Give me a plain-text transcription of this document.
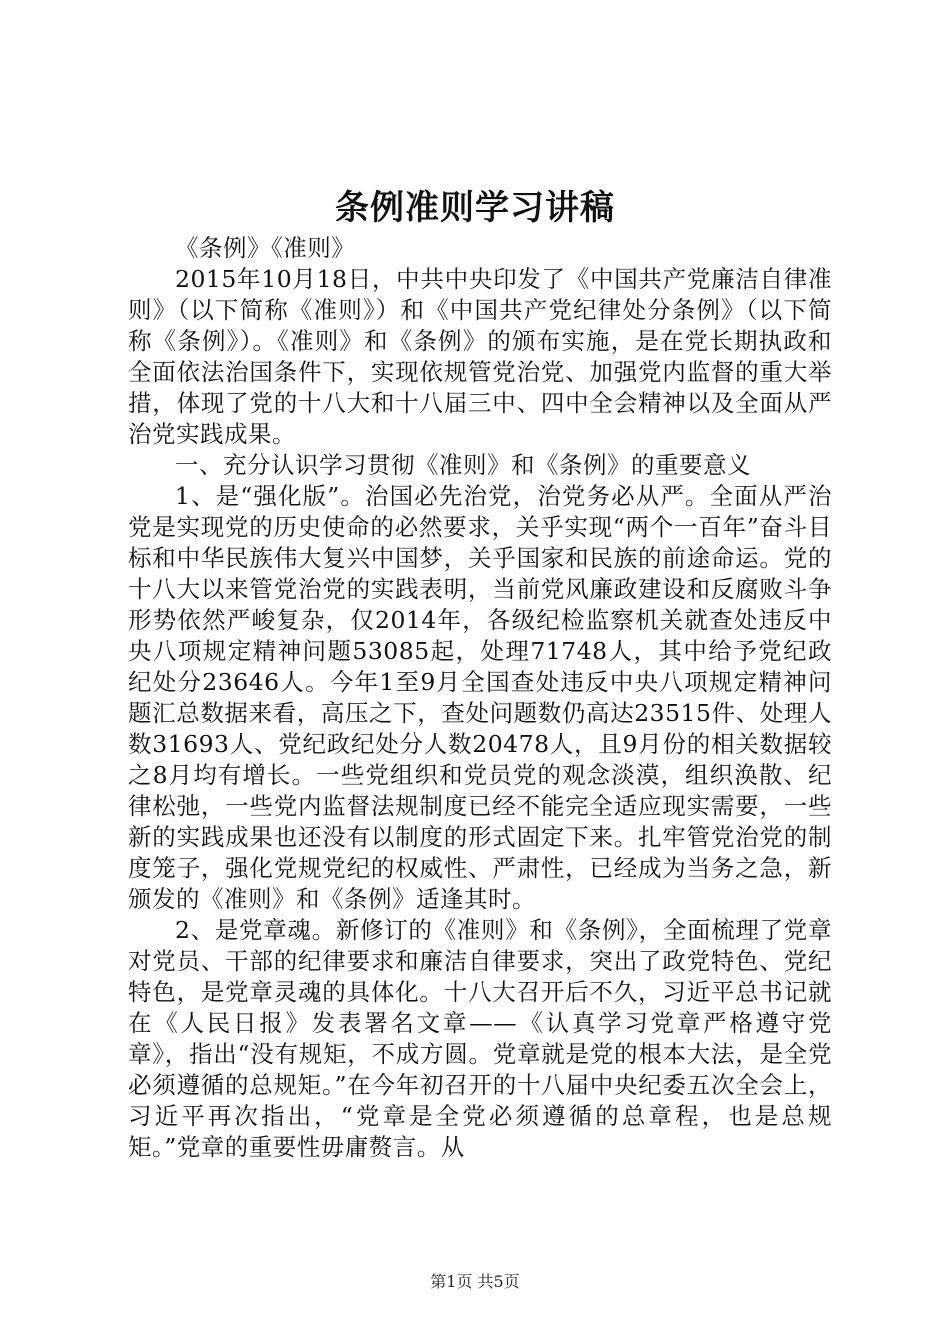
条例准则学习讲稿

《条例》《准则》

2015年10月18日，中共中央印发了《中国共产党廉洁自律准则》（以下简称《准则》）和《中国共产党纪律处分条例》（以下简称《条例》）。《准则》和《条例》的颁布实施，是在党长期执政和全面依法治国条件下，实现依规管党治党、加强党内监督的重大举措，体现了党的十八大和十八届三中、四中全会精神以及全面从严治党实践成果。

一、充分认识学习贯彻《准则》和《条例》的重要意义

1、是“强化版”。治国必先治党，治党务必从严。全面从严治党是实现党的历史使命的必然要求，关乎实现“两个一百年”奋斗目标和中华民族伟大复兴中国梦，关乎国家和民族的前途命运。党的十八大以来管党治党的实践表明，当前党风廉政建设和反腐败斗争形势依然严峻复杂，仅2014年，各级纪检监察机关就查处违反中央八项规定精神问题53085起，处理71748人，其中给予党纪政纪处分23646人。今年1至9月全国查处违反中央八项规定精神问题汇总数据来看，高压之下，查处问题数仍高达23515件、处理人数31693人、党纪政纪处分人数20478人，且9月份的相关数据较之8月均有增长。一些党组织和党员党的观念淡漠，组织涣散、纪律松弛，一些党内监督法规制度已经不能完全适应现实需要，一些新的实践成果也还没有以制度的形式固定下来。扎牢管党治党的制度笼子，强化党规党纪的权威性、严肃性，已经成为当务之急，新颁发的《准则》和《条例》适逢其时。

2、是党章魂。新修订的《准则》和《条例》，全面梳理了党章对党员、干部的纪律要求和廉洁自律要求，突出了政党特色、党纪特色，是党章灵魂的具体化。十八大召开后不久，习近平总书记就在《人民日报》发表署名文章——《认真学习党章严格遵守党章》，指出“没有规矩，不成方圆。党章就是党的根本大法，是全党必须遵循的总规矩。”在今年初召开的十八届中央纪委五次全会上，习近平再次指出，“党章是全党必须遵循的总章程，也是总规矩。”党章的重要性毋庸赘言。从

第1页 共5页
